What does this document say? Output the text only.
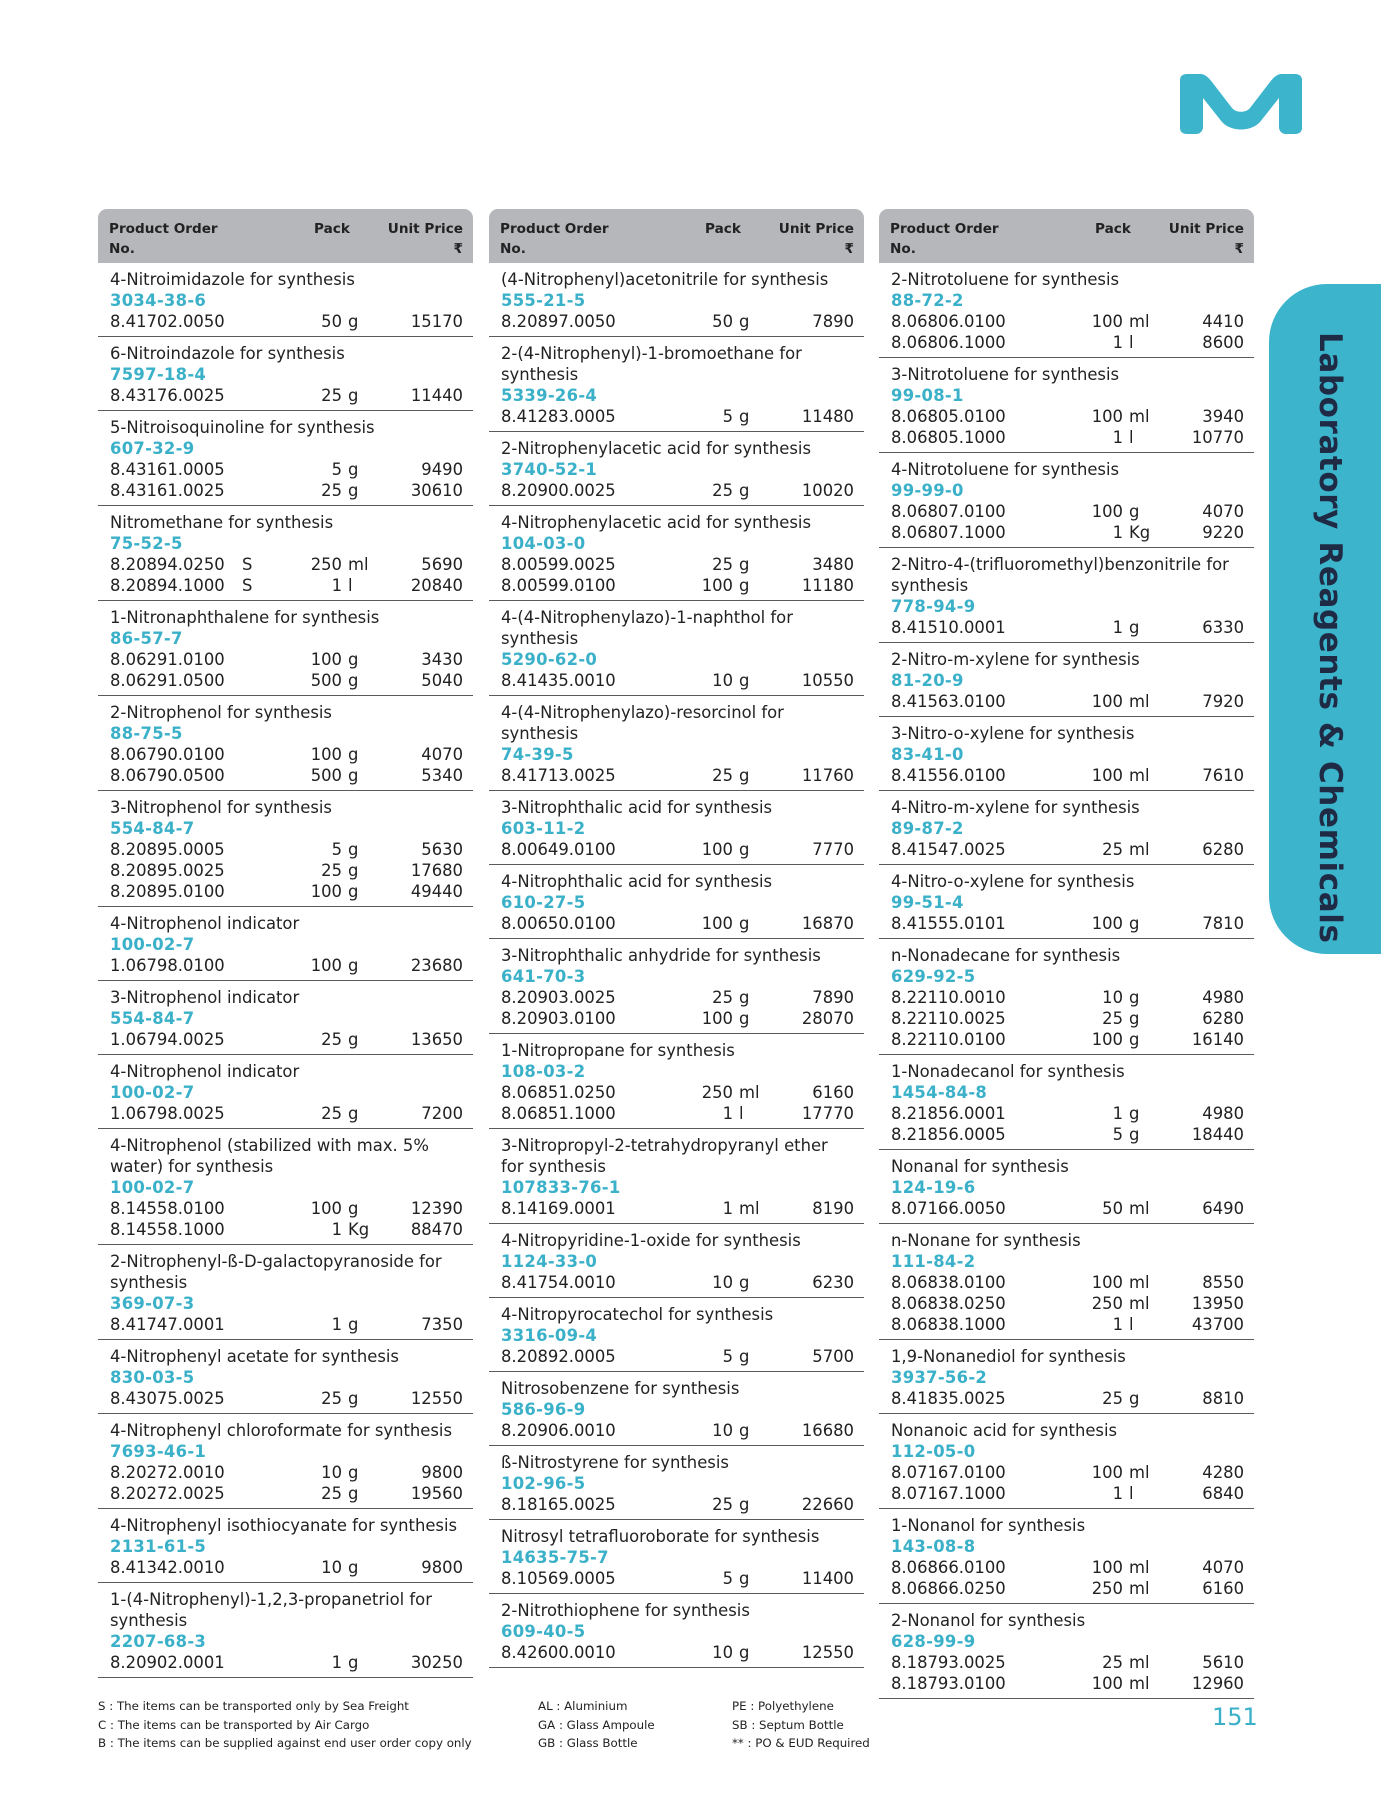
Laboratory Reagents & Chemicals
Product Order
No.
Pack	Unit Price
₹
4-Nitroimidazole for synthesis
3034-38-6
8.41702.0050	50 g	15170
6-Nitroindazole for synthesis
7597-18-4
8.43176.0025	25 g	11440
5-Nitroisoquinoline for synthesis
607-32-9
8.43161.0005	5 g	9490
8.43161.0025	25 g	30610
Nitromethane for synthesis
75-52-5
8.20894.0250	S	250 ml	5690
8.20894.1000	S	1 l	20840
1-Nitronaphthalene for synthesis
86-57-7
8.06291.0100	100 g	3430
8.06291.0500	500 g	5040
2-Nitrophenol for synthesis
88-75-5
8.06790.0100	100 g	4070
8.06790.0500	500 g	5340
3-Nitrophenol for synthesis
554-84-7
8.20895.0005	5 g	5630
8.20895.0025	25 g	17680
8.20895.0100	100 g	49440
4-Nitrophenol indicator
100-02-7
1.06798.0100	100 g	23680
3-Nitrophenol indicator
554-84-7
1.06794.0025	25 g	13650
4-Nitrophenol indicator
100-02-7
1.06798.0025	25 g	7200
4-Nitrophenol (stabilized with max. 5% water) for synthesis
100-02-7
8.14558.0100	100 g	12390
8.14558.1000	1 Kg	88470
2-Nitrophenyl-ß-D-galactopyranoside for synthesis
369-07-3
8.41747.0001	1 g	7350
4-Nitrophenyl acetate for synthesis
830-03-5
8.43075.0025	25 g	12550
4-Nitrophenyl chloroformate for synthesis
7693-46-1
8.20272.0010	10 g	9800
8.20272.0025	25 g	19560
4-Nitrophenyl isothiocyanate for synthesis
2131-61-5
8.41342.0010	10 g	9800
1-(4-Nitrophenyl)-1,2,3-propanetriol for synthesis
2207-68-3
8.20902.0001	1 g	30250
Product Order
No.
Pack	Unit Price
₹
(4-Nitrophenyl)acetonitrile for synthesis
555-21-5
8.20897.0050	50 g	7890
2-(4-Nitrophenyl)-1-bromoethane for synthesis
5339-26-4
8.41283.0005	5 g	11480
2-Nitrophenylacetic acid for synthesis
3740-52-1
8.20900.0025	25 g	10020
4-Nitrophenylacetic acid for synthesis
104-03-0
8.00599.0025	25 g	3480
8.00599.0100	100 g	11180
4-(4-Nitrophenylazo)-1-naphthol for synthesis
5290-62-0
8.41435.0010	10 g	10550
4-(4-Nitrophenylazo)-resorcinol for synthesis
74-39-5
8.41713.0025	25 g	11760
3-Nitrophthalic acid for synthesis
603-11-2
8.00649.0100	100 g	7770
4-Nitrophthalic acid for synthesis
610-27-5
8.00650.0100	100 g	16870
3-Nitrophthalic anhydride for synthesis
641-70-3
8.20903.0025	25 g	7890
8.20903.0100	100 g	28070
1-Nitropropane for synthesis
108-03-2
8.06851.0250	250 ml	6160
8.06851.1000	1 l	17770
3-Nitropropyl-2-tetrahydropyranyl ether for synthesis
107833-76-1
8.14169.0001	1 ml	8190
4-Nitropyridine-1-oxide for synthesis
1124-33-0
8.41754.0010	10 g	6230
4-Nitropyrocatechol for synthesis
3316-09-4
8.20892.0005	5 g	5700
Nitrosobenzene for synthesis
586-96-9
8.20906.0010	10 g	16680
ß-Nitrostyrene for synthesis
102-96-5
8.18165.0025	25 g	22660
Nitrosyl tetrafluoroborate for synthesis
14635-75-7
8.10569.0005	5 g	11400
2-Nitrothiophene for synthesis
609-40-5
8.42600.0010	10 g	12550
Product Order
No.
Pack	Unit Price
₹
2-Nitrotoluene for synthesis
88-72-2
8.06806.0100	100 ml	4410
8.06806.1000	1 l	8600
3-Nitrotoluene for synthesis
99-08-1
8.06805.0100	100 ml	3940
8.06805.1000	1 l	10770
4-Nitrotoluene for synthesis
99-99-0
8.06807.0100	100 g	4070
8.06807.1000	1 Kg	9220
2-Nitro-4-(trifluoromethyl)benzonitrile for synthesis
778-94-9
8.41510.0001	1 g	6330
2-Nitro-m-xylene for synthesis
81-20-9
8.41563.0100	100 ml	7920
3-Nitro-o-xylene for synthesis
83-41-0
8.41556.0100	100 ml	7610
4-Nitro-m-xylene for synthesis
89-87-2
8.41547.0025	25 ml	6280
4-Nitro-o-xylene for synthesis
99-51-4
8.41555.0101	100 g	7810
n-Nonadecane for synthesis
629-92-5
8.22110.0010	10 g	4980
8.22110.0025	25 g	6280
8.22110.0100	100 g	16140
1-Nonadecanol for synthesis
1454-84-8
8.21856.0001	1 g	4980
8.21856.0005	5 g	18440
Nonanal for synthesis
124-19-6
8.07166.0050	50 ml	6490
n-Nonane for synthesis
111-84-2
8.06838.0100	100 ml	8550
8.06838.0250	250 ml	13950
8.06838.1000	1 l	43700
1,9-Nonanediol for synthesis
3937-56-2
8.41835.0025	25 g	8810
Nonanoic acid for synthesis
112-05-0
8.07167.0100	100 ml	4280
8.07167.1000	1 l	6840
1-Nonanol for synthesis
143-08-8
8.06866.0100	100 ml	4070
8.06866.0250	250 ml	6160
2-Nonanol for synthesis
628-99-9
8.18793.0025	25 ml	5610
8.18793.0100	100 ml	12960
S : The items can be transported only by Sea Freight
C : The items can be transported by Air Cargo
B : The items can be supplied against end user order copy only
AL : Aluminium
GA : Glass Ampoule
GB : Glass Bottle
PE : Polyethylene
SB : Septum Bottle
** : PO & EUD Required
151
